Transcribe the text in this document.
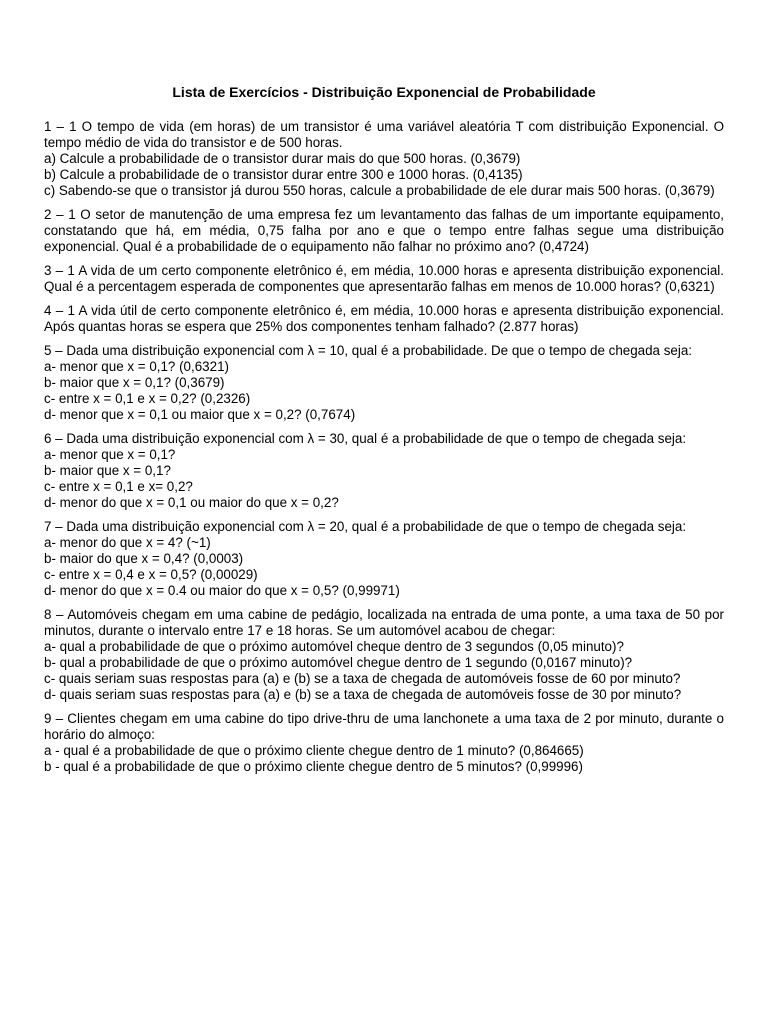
Lista de Exercícios - Distribuição Exponencial de Probabilidade

1 – 1 O tempo de vida (em horas) de um transistor é uma variável aleatória T com distribuição Exponencial. O tempo médio de vida do transistor e de 500 horas.

a) Calcule a probabilidade de o transistor durar mais do que 500 horas. (0,3679)

b) Calcule a probabilidade de o transistor durar entre 300 e 1000 horas. (0,4135)

c) Sabendo-se que o transistor já durou 550 horas, calcule a probabilidade de ele durar mais 500 horas. (0,3679)

2 – 1 O setor de manutenção de uma empresa fez um levantamento das falhas de um importante equipamento, constatando que há, em média, 0,75 falha por ano e que o tempo entre falhas segue uma distribuição exponencial. Qual é a probabilidade de o equipamento não falhar no próximo ano? (0,4724)

3 – 1 A vida de um certo componente eletrônico é, em média, 10.000 horas e apresenta distribuição exponencial. Qual é a percentagem esperada de componentes que apresentarão falhas em menos de 10.000 horas? (0,6321)

4 – 1 A vida útil de certo componente eletrônico é, em média, 10.000 horas e apresenta distribuição exponencial. Após quantas horas se espera que 25% dos componentes tenham falhado? (2.877 horas)

5 – Dada uma distribuição exponencial com λ = 10, qual é a probabilidade. De que o tempo de chegada seja:

a- menor que x = 0,1? (0,6321)

b- maior que x = 0,1? (0,3679)

c- entre x = 0,1 e x = 0,2? (0,2326)

d- menor que x = 0,1 ou maior que x = 0,2? (0,7674)

6 – Dada uma distribuição exponencial com λ = 30, qual é a probabilidade de que o tempo de chegada seja:

a- menor que x = 0,1?

b- maior que x = 0,1?

c- entre x = 0,1 e x= 0,2?

d- menor do que x = 0,1 ou maior do que x = 0,2?

7 – Dada uma distribuição exponencial com λ = 20, qual é a probabilidade de que o tempo de chegada seja:

a- menor do que x = 4? (~1)

b- maior do que x = 0,4? (0,0003)

c- entre x = 0,4 e x = 0,5? (0,00029)

d- menor do que x = 0.4 ou maior do que x = 0,5? (0,99971)

8 – Automóveis chegam em uma cabine de pedágio, localizada na entrada de uma ponte, a uma taxa de 50 por minutos, durante o intervalo entre 17 e 18 horas. Se um automóvel acabou de chegar:

a- qual a probabilidade de que o próximo automóvel cheque dentro de 3 segundos (0,05 minuto)?

b- qual a probabilidade de que o próximo automóvel chegue dentro de 1 segundo (0,0167 minuto)?

c- quais seriam suas respostas para (a) e (b) se a taxa de chegada de automóveis fosse de 60 por minuto?

d- quais seriam suas respostas para (a) e (b) se a taxa de chegada de automóveis fosse de 30 por minuto?

9 – Clientes chegam em uma cabine do tipo drive-thru de uma lanchonete a uma taxa de 2 por minuto, durante o horário do almoço:

a - qual é a probabilidade de que o próximo cliente chegue dentro de 1 minuto? (0,864665)

b - qual é a probabilidade de que o próximo cliente chegue dentro de 5 minutos? (0,99996)
